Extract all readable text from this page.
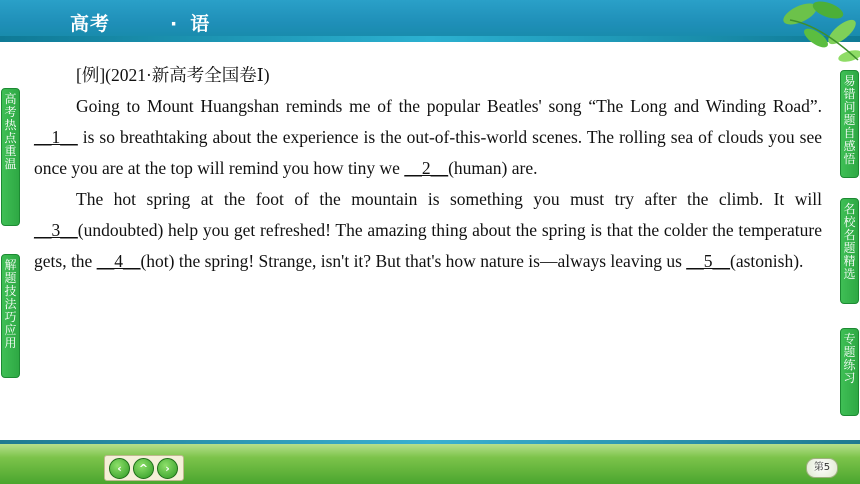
高考	· 语
高考热点重温
解题技法巧应用
易错问题自感悟
名校名题精选
专题练习

[例](2021·新高考全国卷Ⅰ)

Going to Mount Huangshan reminds me of the popular Beatles' song “The Long and Winding Road”. __1__ is so breathtaking about the experience is the out-of-this-world scenes. The rolling sea of clouds you see once you are at the top will remind you how tiny we __2__(human) are.

The hot spring at the foot of the mountain is something you must try after the climb. It will __3__(undoubted) help you get refreshed! The amazing thing about the spring is that the colder the temperature gets, the __4__(hot) the spring! Strange, isn't it? But that's how nature is—always leaving us __5__(astonish).

‹	^	›	第5
